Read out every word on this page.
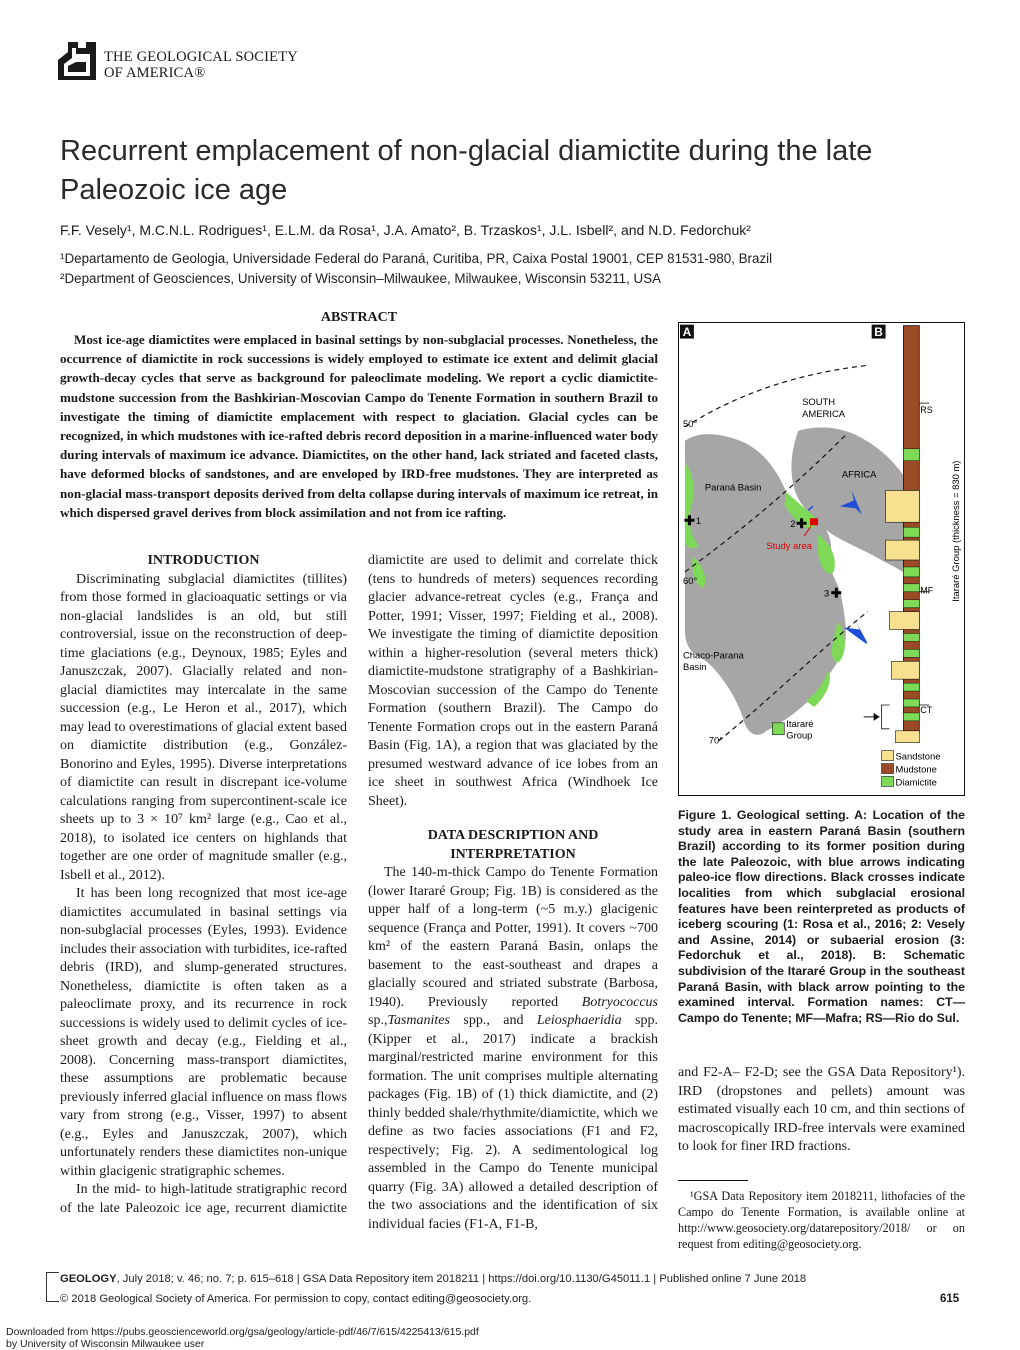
THE GEOLOGICAL SOCIETY
OF AMERICA®
Recurrent emplacement of non-glacial diamictite during the late Paleozoic ice age
F.F. Vesely¹, M.C.N.L. Rodrigues¹, E.L.M. da Rosa¹, J.A. Amato², B. Trzaskos¹, J.L. Isbell², and N.D. Fedorchuk²
¹Departamento de Geologia, Universidade Federal do Paraná, Curitiba, PR, Caixa Postal 19001, CEP 81531-980, Brazil
²Department of Geosciences, University of Wisconsin–Milwaukee, Milwaukee, Wisconsin 53211, USA
ABSTRACT
Most ice-age diamictites were emplaced in basinal settings by non-subglacial processes. Nonetheless, the occurrence of diamictite in rock successions is widely employed to estimate ice extent and delimit glacial growth-decay cycles that serve as background for paleoclimate modeling. We report a cyclic diamictite-mudstone succession from the Bashkirian-Moscovian Campo do Tenente Formation in southern Brazil to investigate the timing of diamictite emplacement with respect to glaciation. Glacial cycles can be recognized, in which mudstones with ice-rafted debris record deposition in a marine-influenced water body during intervals of maximum ice advance. Diamictites, on the other hand, lack striated and faceted clasts, have deformed blocks of sandstones, and are enveloped by IRD-free mudstones. They are interpreted as non-glacial mass-transport deposits derived from delta collapse during intervals of maximum ice retreat, in which dispersed gravel derives from block assimilation and not from ice rafting.
INTRODUCTION

Discriminating subglacial diamictites (tillites) from those formed in glacioaquatic settings or via non-glacial landslides is an old, but still controversial, issue on the reconstruction of deep-time glaciations (e.g., Deynoux, 1985; Eyles and Januszczak, 2007). Glacially related and non-glacial diamictites may intercalate in the same succession (e.g., Le Heron et al., 2017), which may lead to overestimations of glacial extent based on diamictite distribution (e.g., González-Bonorino and Eyles, 1995). Diverse interpretations of diamictite can result in discrepant ice-volume calculations ranging from supercontinent-scale ice sheets up to 3 × 10⁷ km² large (e.g., Cao et al., 2018), to isolated ice centers on highlands that together are one order of magnitude smaller (e.g., Isbell et al., 2012).

It has been long recognized that most ice-age diamictites accumulated in basinal settings via non-subglacial processes (Eyles, 1993). Evidence includes their association with turbidites, ice-rafted debris (IRD), and slump-generated structures. Nonetheless, diamictite is often taken as a paleoclimate proxy, and its recurrence in rock successions is widely used to delimit cycles of ice-sheet growth and decay (e.g., Fielding et al., 2008). Concerning mass-transport diamictites, these assumptions are problematic because previously inferred glacial influence on mass flows vary from strong (e.g., Visser, 1997) to absent (e.g., Eyles and Januszczak, 2007), which unfortunately renders these diamictites non-unique within glacigenic stratigraphic schemes.

In the mid- to high-latitude stratigraphic record of the late Paleozoic ice age, recurrent diamictite

diamictite are used to delimit and correlate thick (tens to hundreds of meters) sequences recording glacier advance-retreat cycles (e.g., França and Potter, 1991; Visser, 1997; Fielding et al., 2008). We investigate the timing of diamictite deposition within a higher-resolution (several meters thick) diamictite-mudstone stratigraphy of a Bashkirian-Moscovian succession of the Campo do Tenente Formation (southern Brazil). The Campo do Tenente Formation crops out in the eastern Paraná Basin (Fig. 1A), a region that was glaciated by the presumed westward advance of ice lobes from an ice sheet in southwest Africa (Windhoek Ice Sheet).

DATA DESCRIPTION AND
INTERPRETATION

The 140-m-thick Campo do Tenente Formation (lower Itararé Group; Fig. 1B) is considered as the upper half of a long-term (~5 m.y.) glacigenic sequence (França and Potter, 1991). It covers ~700 km² of the eastern Paraná Basin, onlaps the basement to the east-southeast and drapes a glacially scoured and striated substrate (Barbosa, 1940). Previously reported Botryococcus sp.,Tasmanites spp., and Leiosphaeridia spp. (Kipper et al., 2017) indicate a brackish marginal/restricted marine environment for this formation. The unit comprises multiple alternating packages (Fig. 1B) of (1) thick diamictite, and (2) thinly bedded shale/rhythmite/diamictite, which we define as two facies associations (F1 and F2, respectively; Fig. 2). A sedimentological log assembled in the Campo do Tenente municipal quarry (Fig. 3A) allowed a detailed description of the two associations and the identification of six individual facies (F1-A, F1-B,

A	B
50°
60°
70°
SOUTH
AMERICA
AFRICA
Paraná Basin
Chaco-Parana
Basin
✚ 1	2 ✚
Study area
3 ✚
Itararé
Group
RS
MF
CT
Itararé Group (thickness = 830 m)
Sandstone
Mudstone
Diamictite
Figure 1. Geological setting. A: Location of the study area in eastern Paraná Basin (southern Brazil) according to its former position during the late Paleozoic, with blue arrows indicating paleo-ice flow directions. Black crosses indicate localities from which subglacial erosional features have been reinterpreted as products of iceberg scouring (1: Rosa et al., 2016; 2: Vesely and Assine, 2014) or subaerial erosion (3: Fedorchuk et al., 2018). B: Schematic subdivision of the Itararé Group in the southeast Paraná Basin, with black arrow pointing to the examined interval. Formation names: CT—Campo do Tenente; MF—Mafra; RS—Rio do Sul.

and F2-A– F2-D; see the GSA Data Repository¹). IRD (dropstones and pellets) amount was estimated visually each 10 cm, and thin sections of macroscopically IRD-free intervals were examined to look for finer IRD fractions.

¹GSA Data Repository item 2018211, lithofacies of the Campo do Tenente Formation, is available online at http://www.geosociety.org/datarepository/2018/ or on request from editing@geosociety.org.
GEOLOGY, July 2018; v. 46; no. 7; p. 615–618 | GSA Data Repository item 2018211 | https://doi.org/10.1130/G45011.1 | Published online 7 June 2018
© 2018 Geological Society of America. For permission to copy, contact editing@geosociety.org.	615
Downloaded from https://pubs.geoscienceworld.org/gsa/geology/article-pdf/46/7/615/4225413/615.pdf
by University of Wisconsin Milwaukee user
